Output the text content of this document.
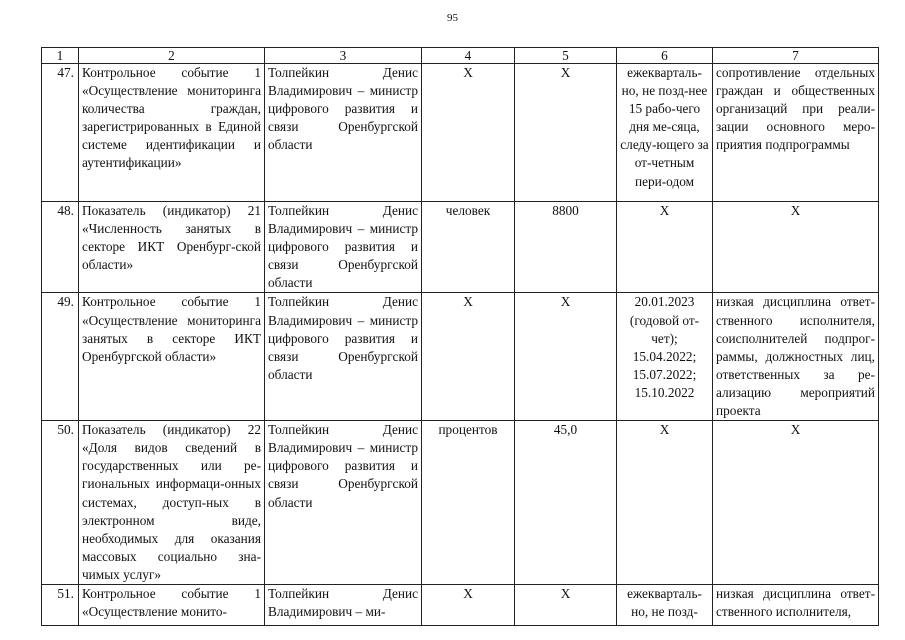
95
1	2	3	4	5	6	7
47.	Контрольное событие 1 «Осуществление мониторинга количества граждан, зарегистрированных в Единой системе идентификации и аутентификации»	Толпейкин Денис Владимирович – министр цифрового развития и связи Оренбургской области	Х	Х	ежекварталь-но, не позд-нее 15 рабо-чего дня ме-сяца, следу-ющего за от-четным пери-одом	сопротивление отдельных граждан и общественных организаций при реали-зации основного меро-приятия подпрограммы
48.	Показатель (индикатор) 21 «Численность занятых в секторе ИКТ Оренбург-ской области»	Толпейкин Денис Владимирович – министр цифрового развития и связи Оренбургской области	человек	8800	Х	Х
49.	Контрольное событие 1 «Осуществление мониторинга занятых в секторе ИКТ Оренбургской области»	Толпейкин Денис Владимирович – министр цифрового развития и связи Оренбургской области	Х	Х	20.01.2023 (годовой от-чет); 15.04.2022; 15.07.2022; 15.10.2022	низкая дисциплина ответ-ственного исполнителя, соисполнителей подпрог-раммы, должностных лиц, ответственных за ре-ализацию мероприятий проекта
50.	Показатель (индикатор) 22 «Доля видов сведений в государственных или ре-гиональных информаци-онных системах, доступ-ных в электронном виде, необходимых для оказания массовых социально зна-чимых услуг»	Толпейкин Денис Владимирович – министр цифрового развития и связи Оренбургской области	процентов	45,0	Х	Х
51.	Контрольное событие 1 «Осуществление монито-	Толпейкин Денис Владимирович – ми-	Х	Х	ежекварталь-но, не позд-	низкая дисциплина ответ-ственного исполнителя,
